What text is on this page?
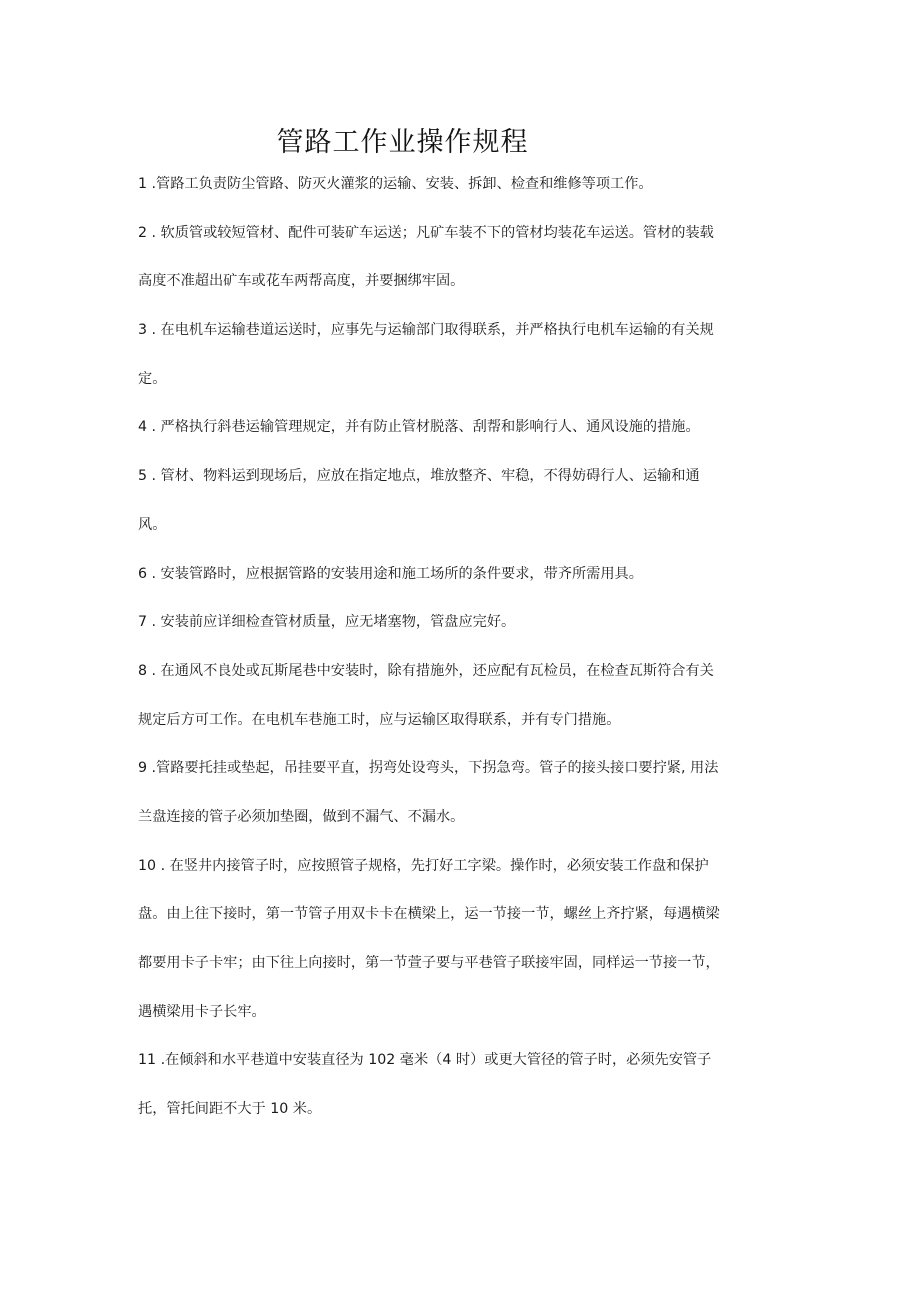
管路工作业操作规程
1 .管路工负责防尘管路、防灭火灌浆的运输、安装、拆卸、检查和维修等项工作。
2 . 软质管或较短管材、配件可装矿车运送；凡矿车装不下的管材均装花车运送。管材的装载
高度不准超出矿车或花车两帮高度，并要捆绑牢固。
3 . 在电机车运输巷道运送时，应事先与运输部门取得联系，并严格执行电机车运输的有关规
定。
4 . 严格执行斜巷运输管理规定，并有防止管材脱落、刮帮和影响行人、通风设施的措施。
5 . 管材、物料运到现场后，应放在指定地点，堆放整齐、牢稳，不得妨碍行人、运输和通
风。
6 . 安装管路时，应根据管路的安装用途和施工场所的条件要求，带齐所需用具。
7 . 安装前应详细检查管材质量，应无堵塞物，管盘应完好。
8 . 在通风不良处或瓦斯尾巷中安装时，除有措施外，还应配有瓦检员，在检查瓦斯符合有关
规定后方可工作。在电机车巷施工时，应与运输区取得联系，并有专门措施。
9 .管路要托挂或垫起，吊挂要平直，拐弯处设弯头，下拐急弯。管子的接头接口要拧紧, 用法
兰盘连接的管子必须加垫圈，做到不漏气、不漏水。
10 . 在竖井内接管子时，应按照管子规格，先打好工字梁。操作时，必须安装工作盘和保护
盘。由上往下接时，第一节管子用双卡卡在横梁上，运一节接一节，螺丝上齐拧紧，每遇横梁
都要用卡子卡牢；由下往上向接时，第一节萱子要与平巷管子联接牢固，同样运一节接一节，
遇横梁用卡子长牢。
11 .在倾斜和水平巷道中安装直径为 102 毫米（4 时）或更大管径的管子时，必须先安管子
托，管托间距不大于 10 米。
